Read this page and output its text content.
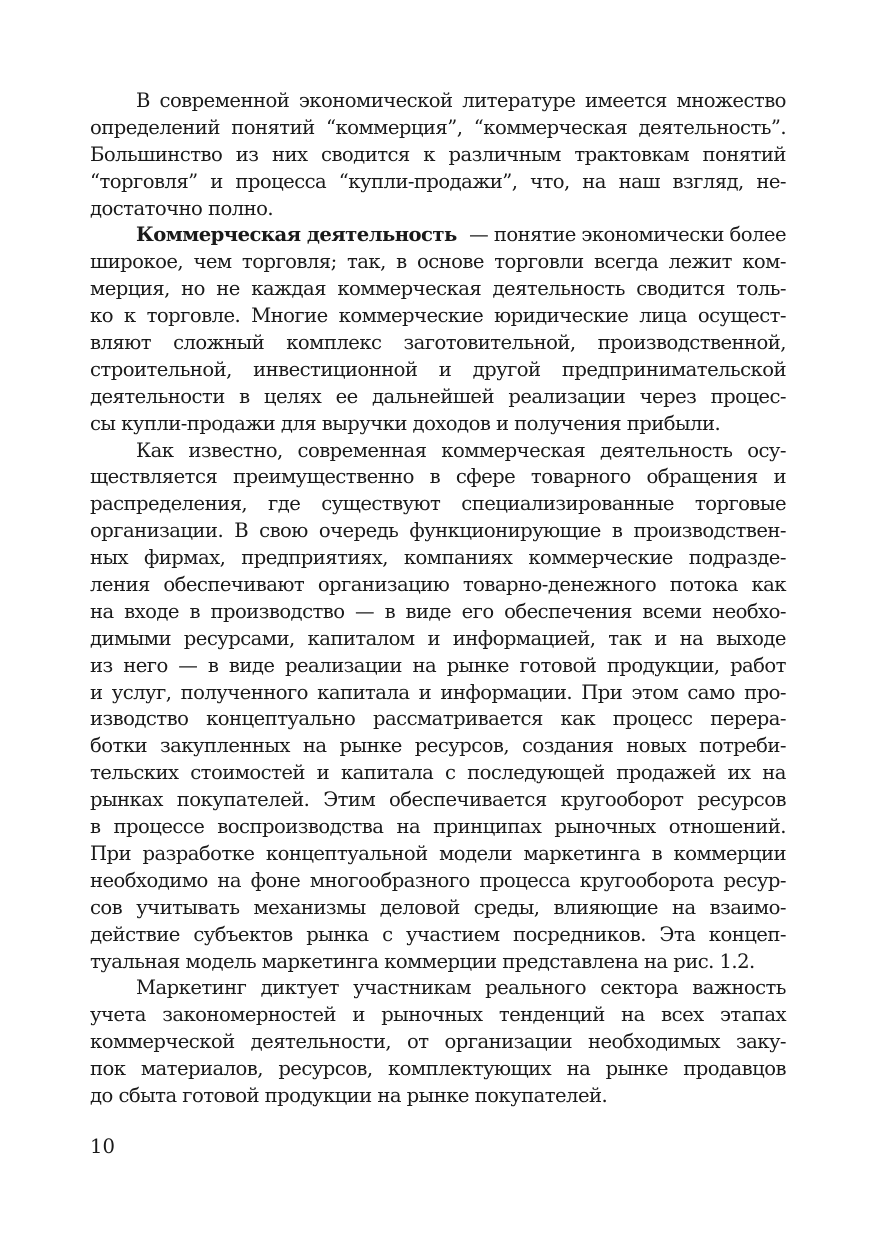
В современной экономической литературе имеется множество
определений понятий “коммерция”, “коммерческая деятельность”.
Большинство из них сводится к различным трактовкам понятий
“торговля” и процесса “купли-продажи”, что, на наш взгляд, не-
достаточно полно.
Коммерческая деятельность — понятие экономически более
широкое, чем торговля; так, в основе торговли всегда лежит ком-
мерция, но не каждая коммерческая деятельность сводится толь-
ко к торговле. Многие коммерческие юридические лица осущест-
вляют сложный комплекс заготовительной, производственной,
строительной, инвестиционной и другой предпринимательской
деятельности в целях ее дальнейшей реализации через процес-
сы купли-продажи для выручки доходов и получения прибыли.
Как известно, современная коммерческая деятельность осу-
ществляется преимущественно в сфере товарного обращения и
распределения, где существуют специализированные торговые
организации. В свою очередь функционирующие в производствен-
ных фирмах, предприятиях, компаниях коммерческие подразде-
ления обеспечивают организацию товарно-денежного потока как
на входе в производство — в виде его обеспечения всеми необхо-
димыми ресурсами, капиталом и информацией, так и на выходе
из него — в виде реализации на рынке готовой продукции, работ
и услуг, полученного капитала и информации. При этом само про-
изводство концептуально рассматривается как процесс перера-
ботки закупленных на рынке ресурсов, создания новых потреби-
тельских стоимостей и капитала с последующей продажей их на
рынках покупателей. Этим обеспечивается кругооборот ресурсов
в процессе воспроизводства на принципах рыночных отношений.
При разработке концептуальной модели маркетинга в коммерции
необходимо на фоне многообразного процесса кругооборота ресур-
сов учитывать механизмы деловой среды, влияющие на взаимо-
действие субъектов рынка с участием посредников. Эта концеп-
туальная модель маркетинга коммерции представлена на рис. 1.2.
Маркетинг диктует участникам реального сектора важность
учета закономерностей и рыночных тенденций на всех этапах
коммерческой деятельности, от организации необходимых заку-
пок материалов, ресурсов, комплектующих на рынке продавцов
до сбыта готовой продукции на рынке покупателей.
10
